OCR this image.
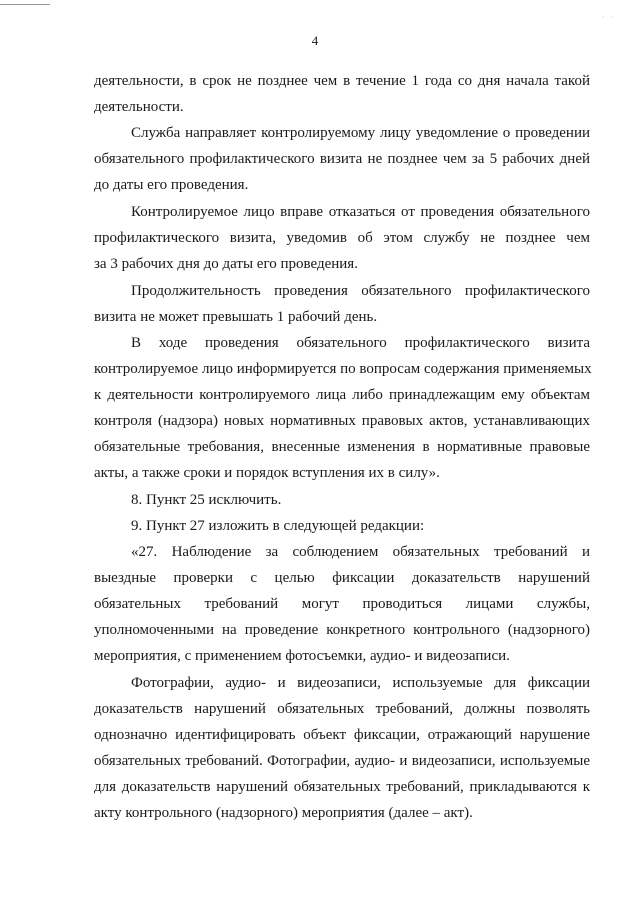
· ·
4
деятельности, в срок не позднее чем в течение 1 года со дня начала такой
деятельности.
Служба направляет контролируемому лицу уведомление о проведении
обязательного профилактического визита не позднее чем за 5 рабочих дней
до даты его проведения.
Контролируемое лицо вправе отказаться от проведения обязательного
профилактического визита, уведомив об этом службу не позднее чем
за 3 рабочих дня до даты его проведения.
Продолжительность проведения обязательного профилактического
визита не может превышать 1 рабочий день.
В ходе проведения обязательного профилактического визита
контролируемое лицо информируется по вопросам содержания применяемых
к деятельности контролируемого лица либо принадлежащим ему объектам
контроля (надзора) новых нормативных правовых актов, устанавливающих
обязательные требования, внесенные изменения в нормативные правовые
акты, а также сроки и порядок вступления их в силу».
8. Пункт 25 исключить.
9. Пункт 27 изложить в следующей редакции:
«27. Наблюдение за соблюдением обязательных требований и
выездные проверки с целью фиксации доказательств нарушений
обязательных требований могут проводиться лицами службы,
уполномоченными на проведение конкретного контрольного (надзорного)
мероприятия, с применением фотосъемки, аудио- и видеозаписи.
Фотографии, аудио- и видеозаписи, используемые для фиксации
доказательств нарушений обязательных требований, должны позволять
однозначно идентифицировать объект фиксации, отражающий нарушение
обязательных требований. Фотографии, аудио- и видеозаписи, используемые
для доказательств нарушений обязательных требований, прикладываются к
акту контрольного (надзорного) мероприятия (далее – акт).
